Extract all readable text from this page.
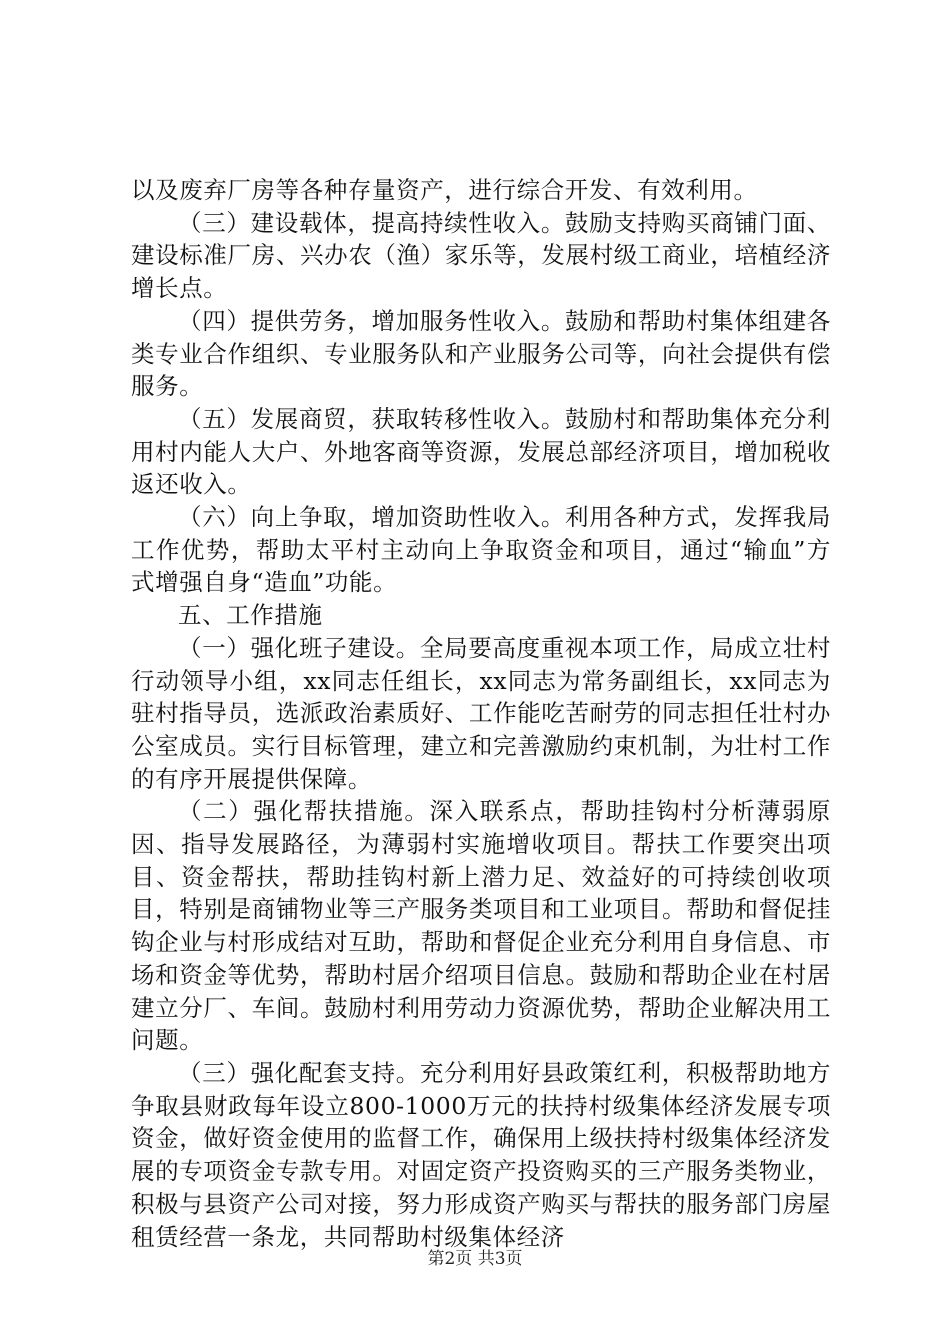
以及废弃厂房等各种存量资产，进行综合开发、有效利用。

（三）建设载体，提高持续性收入。鼓励支持购买商铺门面、建设标准厂房、兴办农（渔）家乐等，发展村级工商业，培植经济增长点。

（四）提供劳务，增加服务性收入。鼓励和帮助村集体组建各类专业合作组织、专业服务队和产业服务公司等，向社会提供有偿服务。

（五）发展商贸，获取转移性收入。鼓励村和帮助集体充分利用村内能人大户、外地客商等资源，发展总部经济项目，增加税收返还收入。

（六）向上争取，增加资助性收入。利用各种方式，发挥我局工作优势，帮助太平村主动向上争取资金和项目，通过“输血”方式增强自身“造血”功能。

五、工作措施

（一）强化班子建设。全局要高度重视本项工作，局成立壮村行动领导小组，xx同志任组长，xx同志为常务副组长，xx同志为驻村指导员，选派政治素质好、工作能吃苦耐劳的同志担任壮村办公室成员。实行目标管理，建立和完善激励约束机制，为壮村工作的有序开展提供保障。

（二）强化帮扶措施。深入联系点，帮助挂钩村分析薄弱原因、指导发展路径，为薄弱村实施增收项目。帮扶工作要突出项目、资金帮扶，帮助挂钩村新上潜力足、效益好的可持续创收项目，特别是商铺物业等三产服务类项目和工业项目。帮助和督促挂钩企业与村形成结对互助，帮助和督促企业充分利用自身信息、市场和资金等优势，帮助村居介绍项目信息。鼓励和帮助企业在村居建立分厂、车间。鼓励村利用劳动力资源优势，帮助企业解决用工问题。

（三）强化配套支持。充分利用好县政策红利，积极帮助地方争取县财政每年设立800-1000万元的扶持村级集体经济发展专项资金，做好资金使用的监督工作，确保用上级扶持村级集体经济发展的专项资金专款专用。对固定资产投资购买的三产服务类物业，积极与县资产公司对接，努力形成资产购买与帮扶的服务部门房屋租赁经营一条龙，共同帮助村级集体经济

第2页 共3页
